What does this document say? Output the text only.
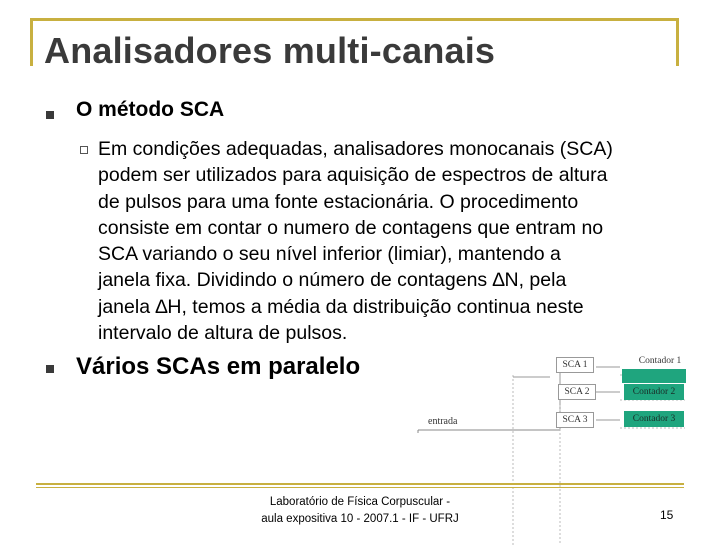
Analisadores multi-canais
O método SCA
Em condições adequadas, analisadores monocanais (SCA)
podem ser utilizados para aquisição de espectros de altura
de pulsos para uma fonte estacionária. O procedimento
consiste em contar o numero de contagens que entram no
SCA variando o seu nível inferior (limiar), mantendo a
janela fixa. Dividindo o número de contagens ∆N, pela
janela ∆H, temos a média da distribuição continua neste
intervalo de altura de pulsos.
Vários SCAs em paralelo	SCA 1
SCA 2
SCA 3
Contador 1
Contador 2
Contador 3
entrada
Laboratório de Física Corpuscular -
aula expositiva 10 - 2007.1 - IF - UFRJ	15
